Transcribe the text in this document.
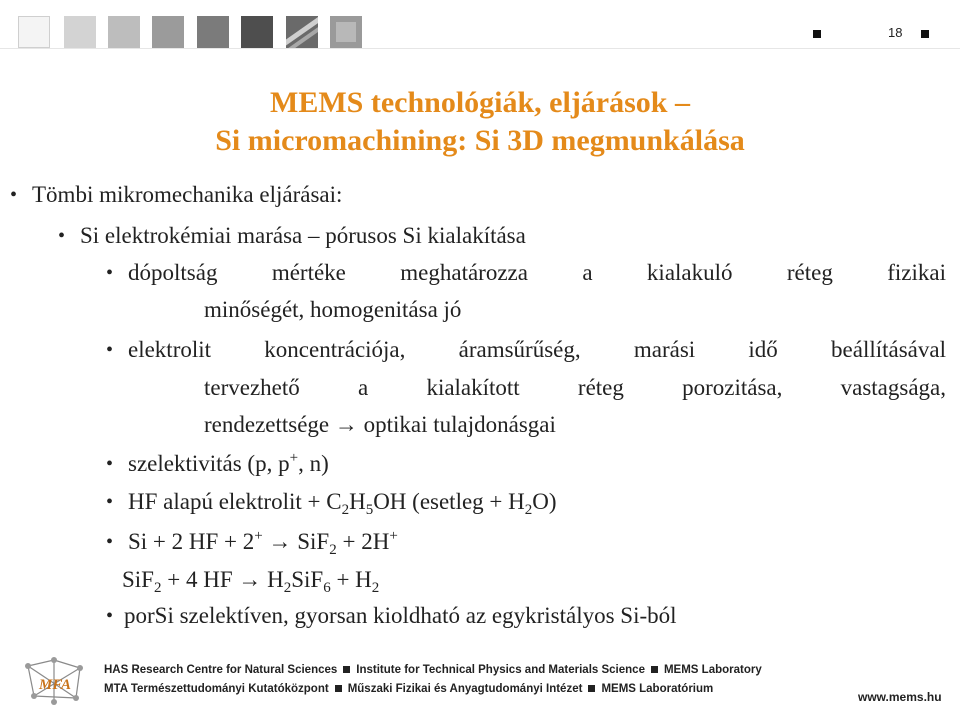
18
MEMS technológiák, eljárások –
Si micromachining: Si 3D megmunkálása
• Tömbi mikromechanika eljárásai:
• Si elektrokémiai marása – pórusos Si kialakítása
• dópoltság mértéke meghatározza a kialakuló réteg fizikai
minőségét, homogenitása jó
• elektrolit koncentrációja, áramsűrűség, marási idő beállításával
tervezhető a kialakított réteg porozitása, vastagsága,
rendezettsége → optikai tulajdonásgai
• szelektivitás (p, p+, n)
• HF alapú elektrolit + $C_2H_5OH$ (esetleg + $H_2O$)
• Si + 2 HF + 2+ → SiF$_2$ + 2H+
SiF$_2$ + 4 HF → $H_2SiF_6 + H_2$
• porSi szelektíven, gyorsan kioldható az egykristályos Si-ból
MFA
HAS Research Centre for Natural Sciences Institute for Technical Physics and Materials Science MEMS Laboratory
MTA Természettudományi Kutatóközpont Műszaki Fizikai és Anyagtudományi Intézet MEMS Laboratórium
www.mems.hu
